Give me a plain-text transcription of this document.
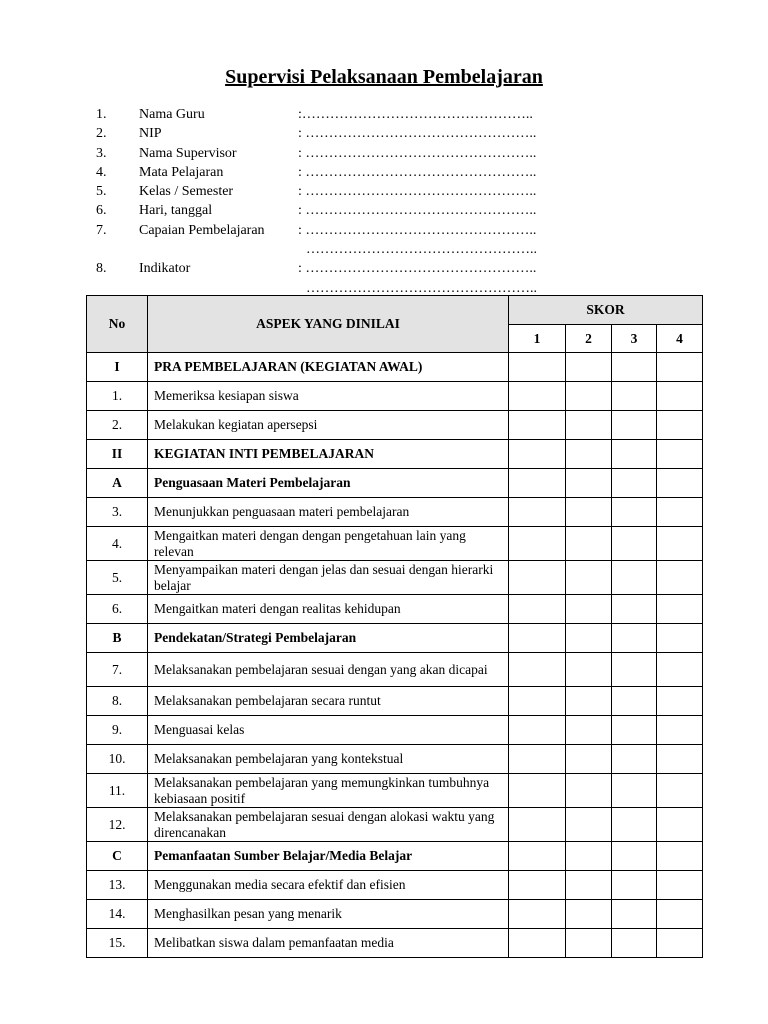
Supervisi Pelaksanaan Pembelajaran
1. Nama Guru	:…………………………………………..
2. NIP	: …………………………………………..
3. Nama Supervisor	: …………………………………………..
4. Mata Pelajaran	: …………………………………………..
5. Kelas / Semester	: …………………………………………..
6. Hari, tanggal	: …………………………………………..
7. Capaian Pembelajaran : …………………………………………..
…………………………………………..
8. Indikator	: …………………………………………..
…………………………………………..
No	ASPEK YANG DINILAI	SKOR			
		1	2	3	4
I	PRA PEMBELAJARAN (KEGIATAN AWAL)				
1.	Memeriksa kesiapan siswa				
2.	Melakukan kegiatan apersepsi				
II	KEGIATAN INTI PEMBELAJARAN				
A	Penguasaan Materi Pembelajaran				
3.	Menunjukkan penguasaan materi pembelajaran				
4.	Mengaitkan materi dengan dengan pengetahuan lain yang relevan				
5.	Menyampaikan materi dengan jelas dan sesuai dengan hierarki belajar				
6.	Mengaitkan materi dengan realitas kehidupan				
B	Pendekatan/Strategi Pembelajaran				
7.	Melaksanakan pembelajaran sesuai dengan yang akan dicapai				
8.	Melaksanakan pembelajaran secara runtut				
9.	Menguasai kelas				
10.	Melaksanakan pembelajaran yang kontekstual				
11.	Melaksanakan pembelajaran yang memungkinkan tumbuhnya kebiasaan positif				
12.	Melaksanakan pembelajaran sesuai dengan alokasi waktu yang direncanakan				
C	Pemanfaatan Sumber Belajar/Media Belajar				
13.	Menggunakan media secara efektif dan efisien				
14.	Menghasilkan pesan yang menarik				
15.	Melibatkan siswa dalam pemanfaatan media				
